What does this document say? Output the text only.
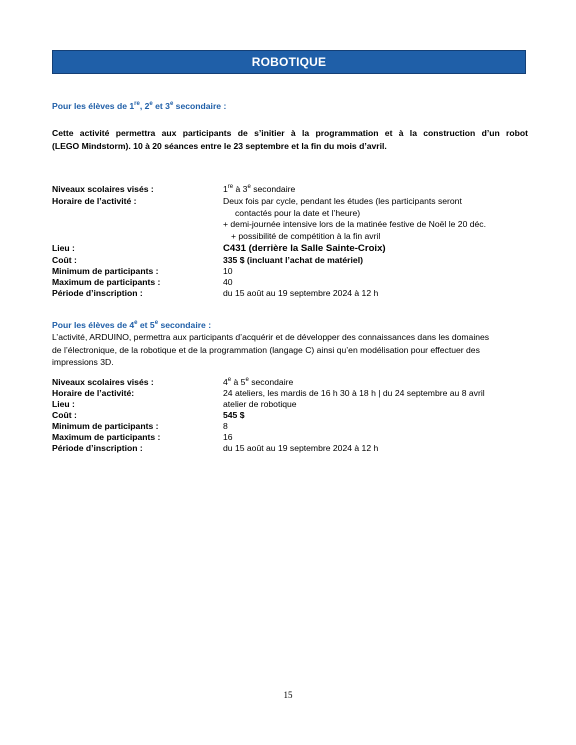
ROBOTIQUE
Pour les élèves de 1re, 2e et 3e secondaire :
Cette activité permettra aux participants de s’initier à la programmation et à la construction d’un robot
(LEGO Mindstorm). 10 à 20 séances entre le 23 septembre et la fin du mois d’avril.
Niveaux scolaires visés :	1re à 3e secondaire
Horaire de l’activité :	Deux fois par cycle, pendant les études (les participants seront
contactés pour la date et l’heure)
+ demi-journée intensive lors de la matinée festive de Noël le 20 déc.
+ possibilité de compétition à la fin avril
Lieu :	C431 (derrière la Salle Sainte-Croix)
Coût :	335 $ (incluant l’achat de matériel)
Minimum de participants :	10
Maximum de participants :	40
Période d’inscription :	du 15 août au 19 septembre 2024 à 12 h
Pour les élèves de 4e et 5e secondaire :
L’activité, ARDUINO, permettra aux participants d’acquérir et de développer des connaissances dans les domaines
de l’électronique, de la robotique et de la programmation (langage C) ainsi qu’en modélisation pour effectuer des
impressions 3D.
Niveaux scolaires visés :	4e à 5e secondaire
Horaire de l’activité:	24 ateliers, les mardis de 16 h 30 à 18 h | du 24 septembre au 8 avril
Lieu :	atelier de robotique
Coût :	545 $
Minimum de participants :	8
Maximum de participants :	16
Période d’inscription :	du 15 août au 19 septembre 2024 à 12 h
15
